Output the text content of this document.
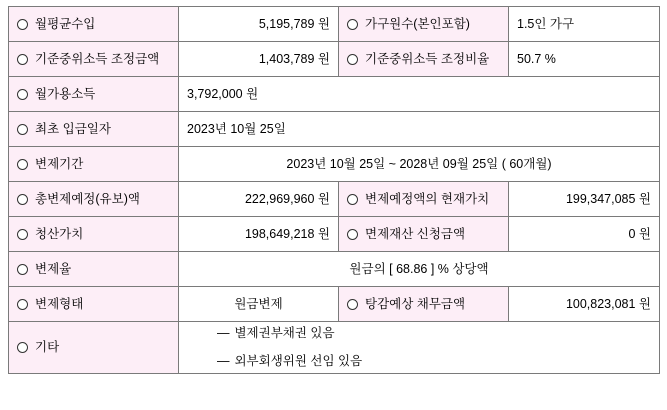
월평균수입	5,195,789 원	가구원수(본인포함)	1.5인 가구

기준중위소득 조정금액	1,403,789 원	기준중위소득 조정비율	50.7 %

월가용소득	3,792,000 원		

최초 입금일자	2023년 10월 25일		

변제기간	2023년 10월 25일 ~ 2028년 09월 25일 ( 60개월)		

총변제예정(유보)액	222,969,960 원	변제예정액의 현재가치	199,347,085 원

청산가치	198,649,218 원	면제재산 신청금액	0 원

변제율	원금의 [ 68.86 ] % 상당액		

변제형태	원금변제	탕감예상 채무금액	100,823,081 원

기타	— 별제권부채권 있음
— 외부회생위원 선임 있음		
